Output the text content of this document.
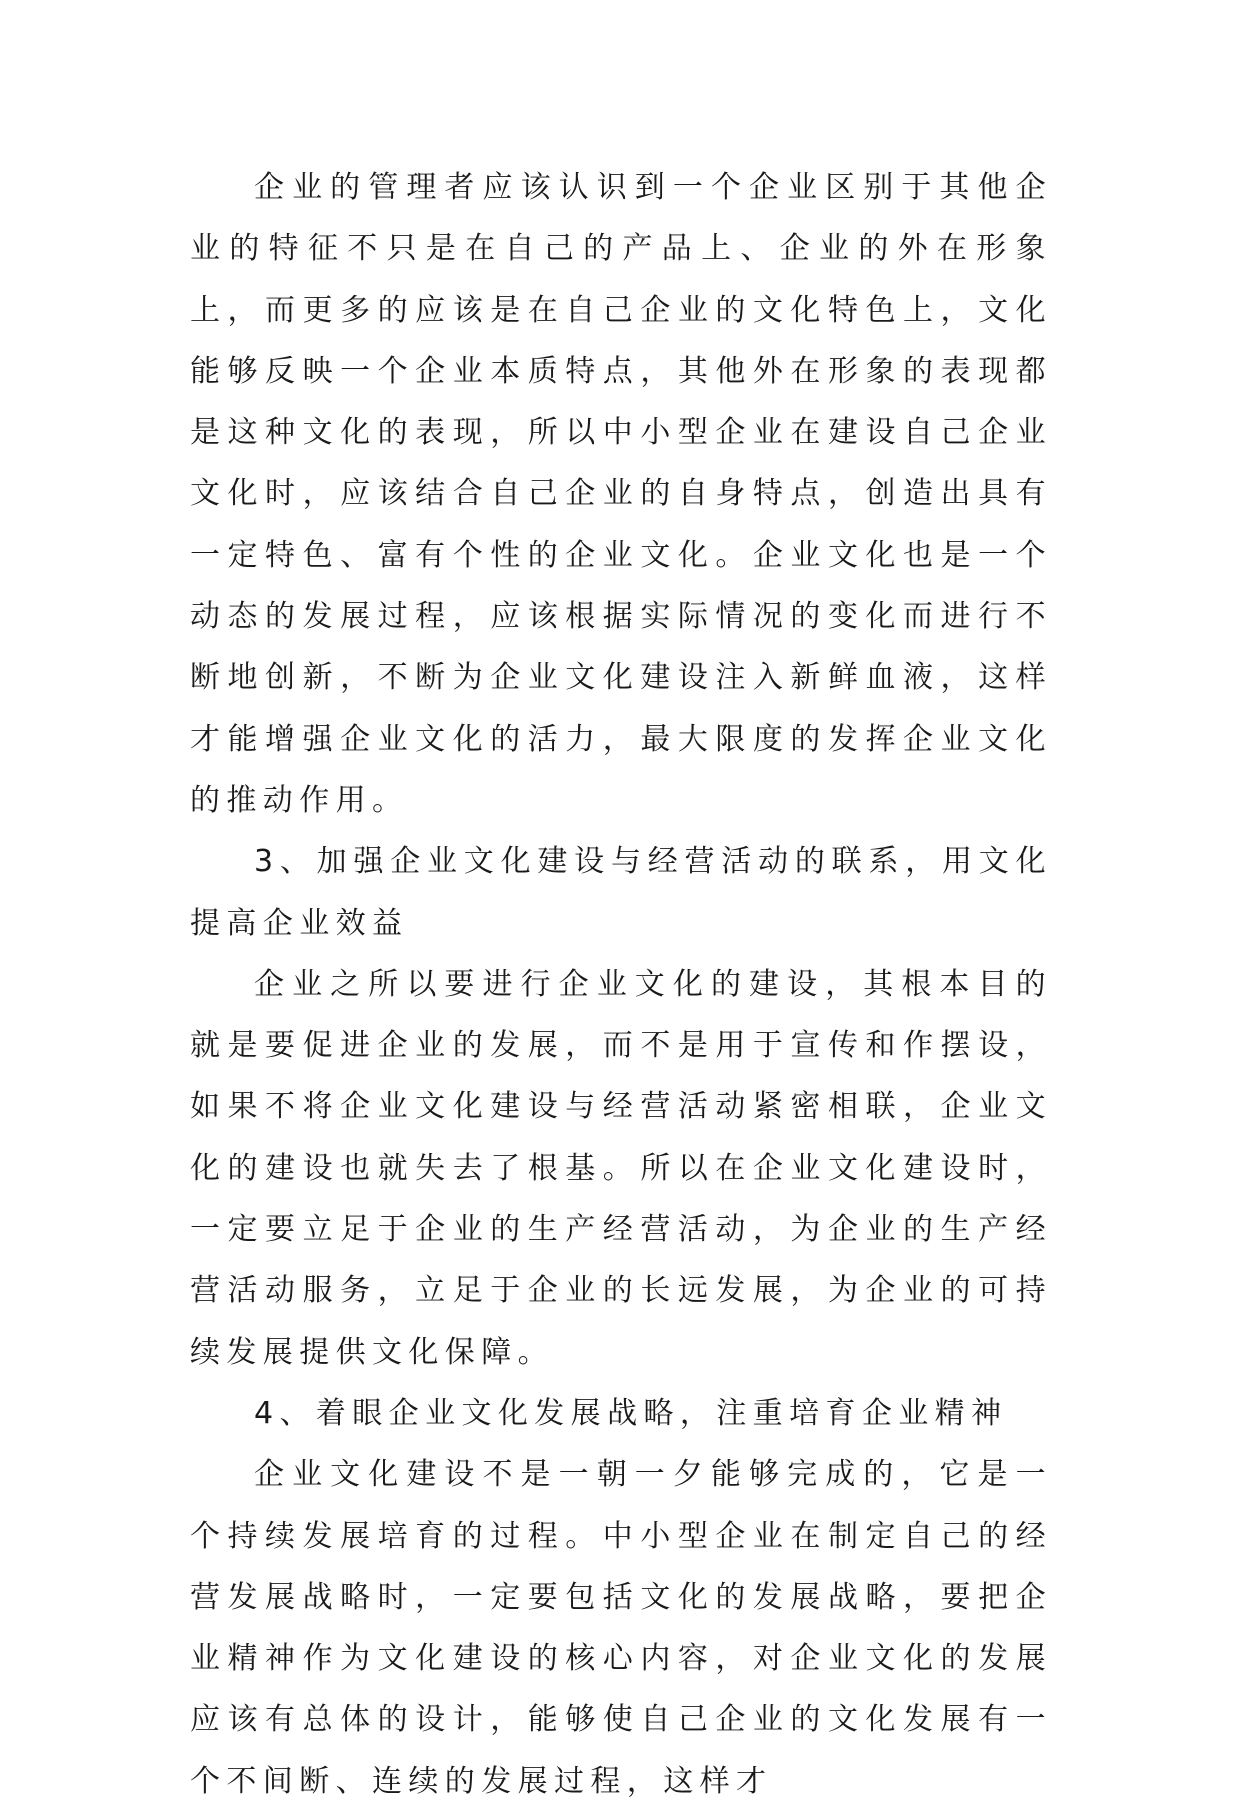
企业的管理者应该认识到一个企业区别于其他企业的特征不只是在自己的产品上、企业的外在形象上，而更多的应该是在自己企业的文化特色上，文化能够反映一个企业本质特点，其他外在形象的表现都是这种文化的表现，所以中小型企业在建设自己企业文化时，应该结合自己企业的自身特点，创造出具有一定特色、富有个性的企业文化。企业文化也是一个动态的发展过程，应该根据实际情况的变化而进行不断地创新，不断为企业文化建设注入新鲜血液，这样才能增强企业文化的活力，最大限度的发挥企业文化的推动作用。

3、加强企业文化建设与经营活动的联系，用文化提高企业效益

企业之所以要进行企业文化的建设，其根本目的就是要促进企业的发展，而不是用于宣传和作摆设，如果不将企业文化建设与经营活动紧密相联，企业文化的建设也就失去了根基。所以在企业文化建设时，一定要立足于企业的生产经营活动，为企业的生产经营活动服务，立足于企业的长远发展，为企业的可持续发展提供文化保障。

4、着眼企业文化发展战略，注重培育企业精神

企业文化建设不是一朝一夕能够完成的，它是一个持续发展培育的过程。中小型企业在制定自己的经营发展战略时，一定要包括文化的发展战略，要把企业精神作为文化建设的核心内容，对企业文化的发展应该有总体的设计，能够使自己企业的文化发展有一个不间断、连续的发展过程，这样才
